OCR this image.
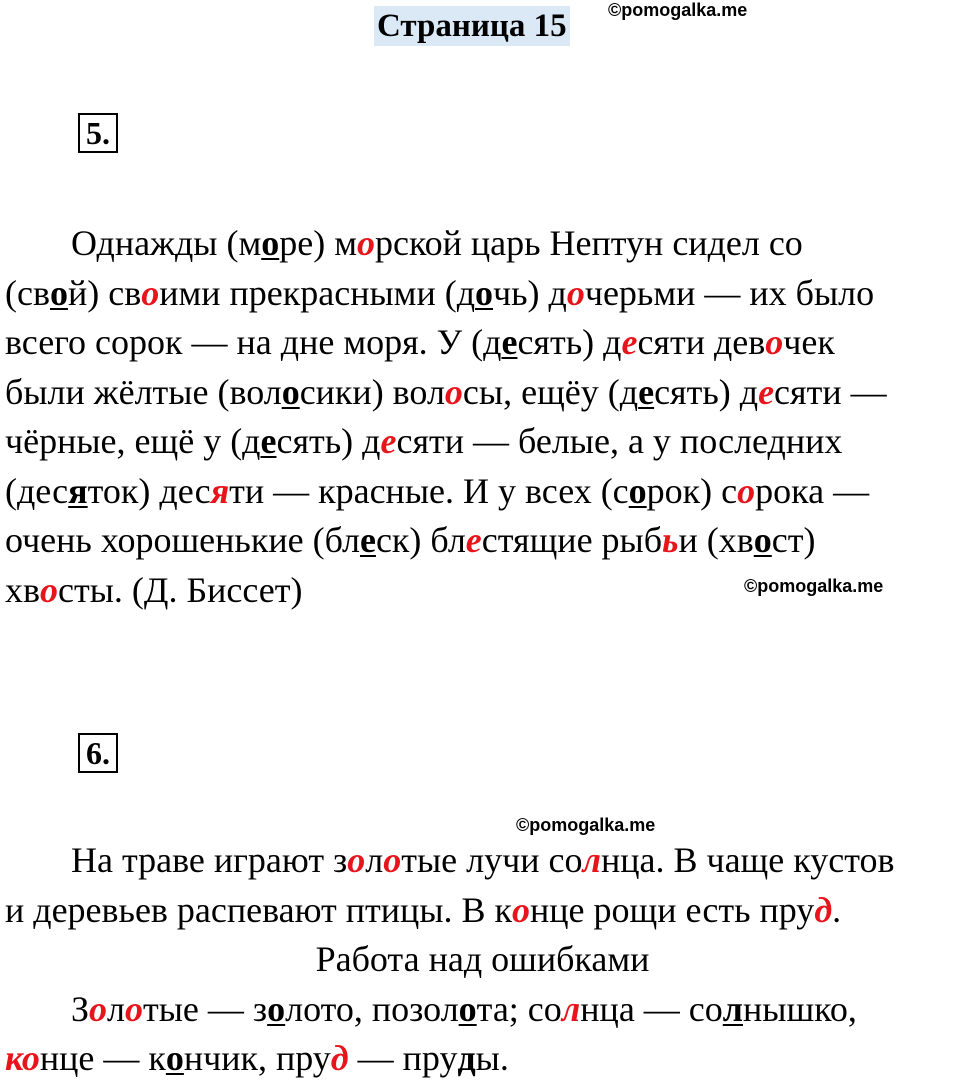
Страница 15 ©pomogalka.me
5.
Однажды (море) морской царь Нептун сидел со
(свой) своими прекрасными (дочь) дочерьми — их было
всего сорок — на дне моря. У (десять) десяти девочек
были жёлтые (волосики) волосы, ещёу (десять) десяти —
чёрные, ещё у (десять) десяти — белые, а у последних
(десяток) десяти — красные. И у всех (сорок) сорока —
очень хорошенькие (блеск) блестящие рыбьи (хвост)
хвосты. (Д. Биссет)	©pomogalka.me
6.
©pomogalka.me
На траве играют золотые лучи солнца. В чаще кустов
и деревьев распевают птицы. В конце рощи есть пруд.
Работа над ошибками
Золотые — золото, позолота; солнца — солнышко,
конце — кончик, пруд — пруды.
